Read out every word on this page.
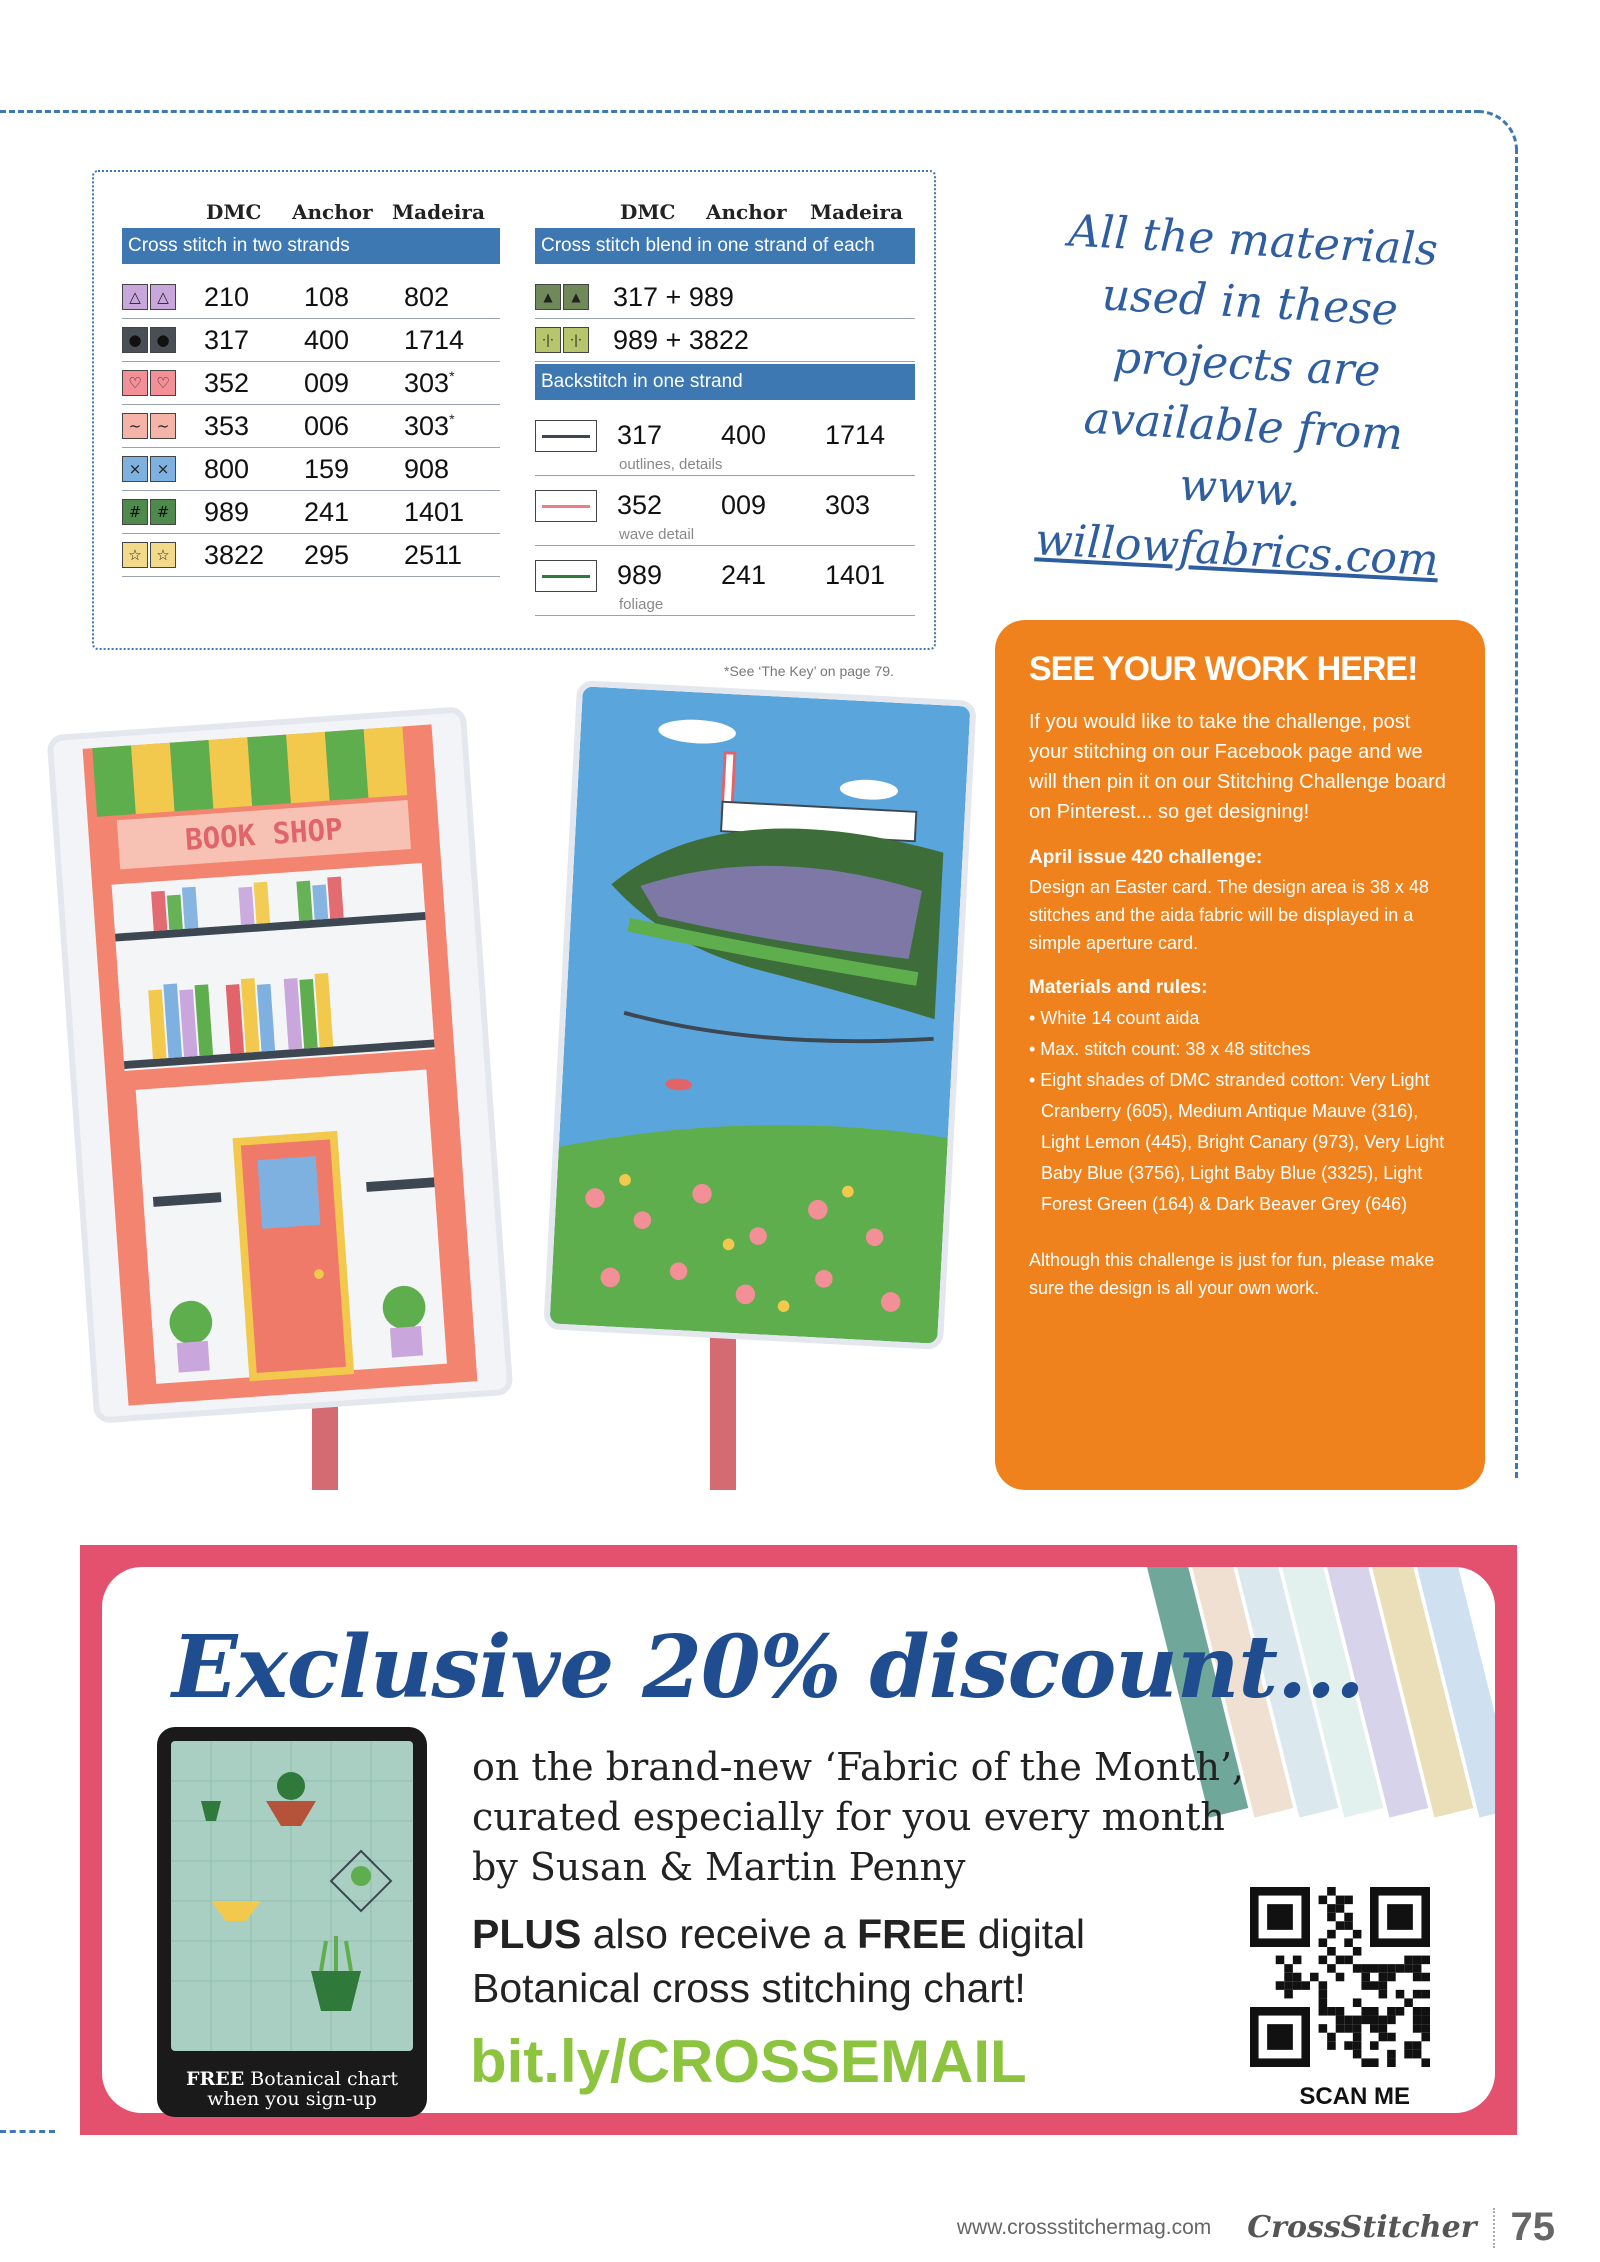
DMC	Anchor Madeira
Cross stitch in two strands
△	△ 210	108	802
● ● 317	400	1714
♡ ♡ 352	009	303 *
~	~ 353	006	303 *
×	× 800	159	908
#	# 989	241	1401
☆ ☆ 3822	295	2511
DMC	Anchor	Madeira
Cross stitch blend in one strand of each
▲	▲	317 + 989
·|·	·|· 989 + 3822
Backstitch in one strand
317	400	1714
outlines, details
352	009	303
wave detail
989	241	1401
foliage
*See ‘The Key’ on page 79.
All the materials
used in these
projects are
available from www.
willowfabrics.com
BOOK SHOP
SEE YOUR WORK HERE!

If you would like to take the challenge, post your stitching on our Facebook page and we will then pin it on our Stitching Challenge board on Pinterest... so get designing!

April issue 420 challenge:

Design an Easter card. The design area is 38 x 48 stitches and the aida fabric will be displayed in a simple aperture card.

Materials and rules:

• White 14 count aida
• Max. stitch count: 38 x 48 stitches
• Eight shades of DMC stranded cotton: Very Light Cranberry (605), Medium Antique Mauve (316), Light Lemon (445), Bright Canary (973), Very Light Baby Blue (3756), Light Baby Blue (3325), Light Forest Green (164) & Dark Beaver Grey (646)

Although this challenge is just for fun, please make sure the design is all your own work.

Exclusive 20% discount...
FREE Botanical chart
when you sign-up
on the brand-new ‘Fabric of the Month’,
curated especially for you every month
by Susan & Martin Penny
PLUS also receive a FREE digital
Botanical cross stitching chart!
bit.ly/CROSSEMAIL
SCAN ME
www.crossstitchermag.com CrossStitcher 75
